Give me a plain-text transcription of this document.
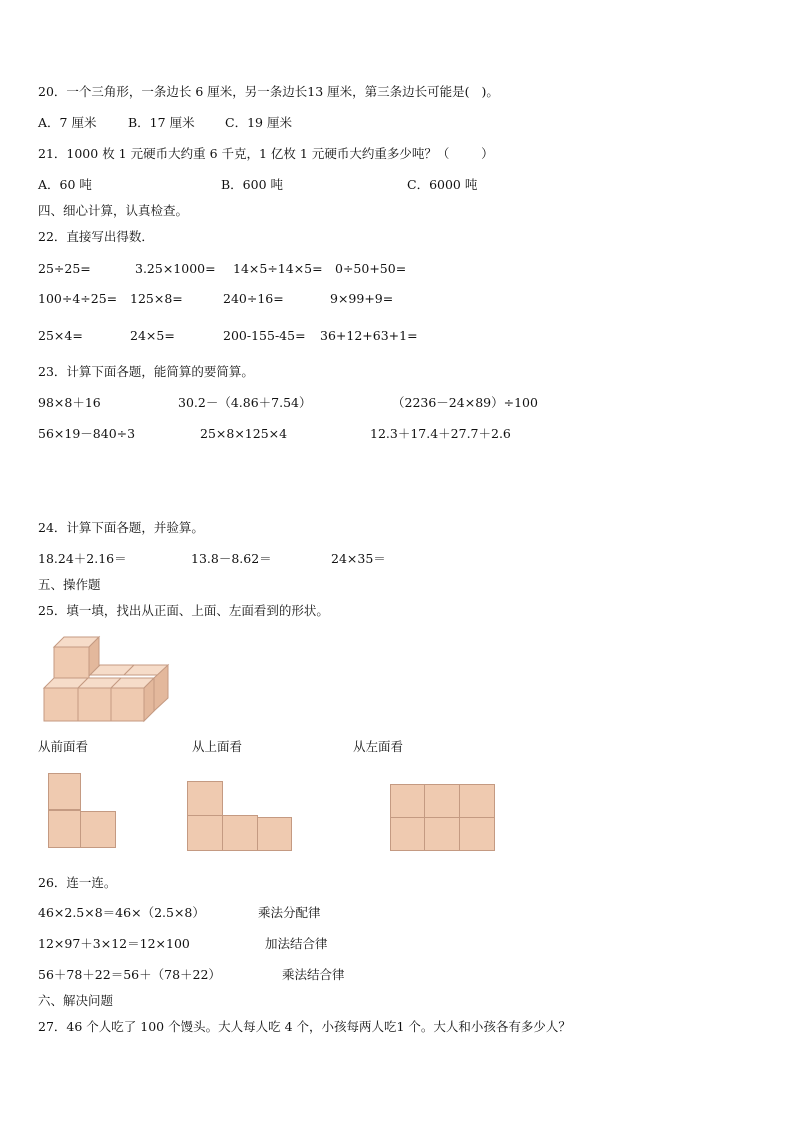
20．一个三角形，一条边长 6 厘米，另一条边长13 厘米，第三条边长可能是(   )。
A．7 厘米	B．17 厘米 C．19 厘米
21．1000 枚 1 元硬币大约重 6 千克，1 亿枚 1 元硬币大约重多少吨？（        ）
A．60 吨	B．600 吨	C．6000 吨
四、细心计算，认真检查。
22．直接写出得数．
25÷25=	3.25×1000= 14×5÷14×5= 0÷50+50=
100÷4÷25= 125×8=	240÷16=	9×99+9=
25×4=	24×5=	200-155-45= 36+12+63+1=
23．计算下面各题，能简算的要简算。
98×8＋16	30.2－（4.86＋7.54）	（2236－24×89）÷100
56×19－840÷3	25×8×125×4	12.3＋17.4＋27.7＋2.6
24．计算下面各题，并验算。
18.24＋2.16＝	13.8－8.62＝	24×35＝
五、操作题
25．填一填，找出从正面、上面、左面看到的形状。
从前面看	从上面看	从左面看
26．连一连。
46×2.5×8＝46×（2.5×8）	乘法分配律
12×97＋3×12＝12×100	加法结合律
56＋78＋22＝56＋（78＋22）	乘法结合律
六、解决问题
27．46 个人吃了 100 个馒头。大人每人吃 4 个，小孩每两人吃1 个。大人和小孩各有多少人？
